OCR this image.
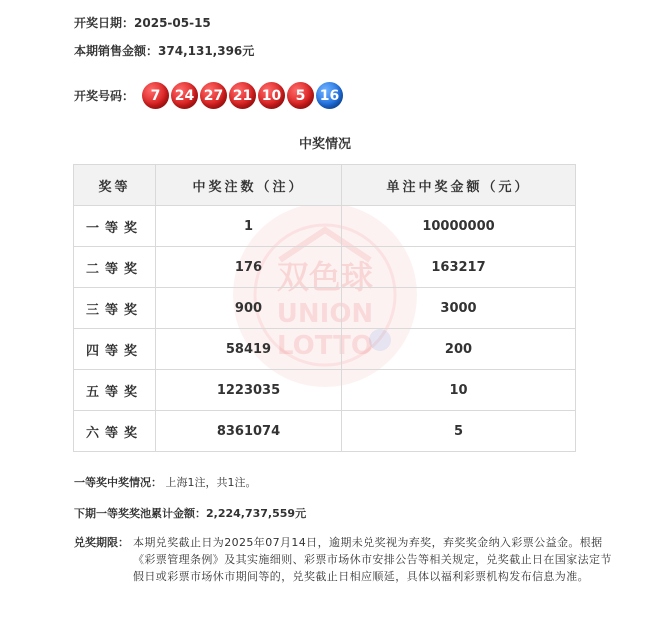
开奖日期：2025-05-15
本期销售金额：374,131,396元
开奖号码：	7	24 27 21 10	5	16
中奖情况
双色球
UNION
LOTTO
奖等	中奖注数（注）	单注中奖金额（元）
一等奖	1	10000000
二等奖	176	163217
三等奖	900	3000
四等奖	58419	200
五等奖	1223035	10
六等奖	8361074	5
一等奖中奖情况： 上海1注，共1注。
下期一等奖奖池累计金额：2,224,737,559元
兑奖期限： 本期兑奖截止日为2025年07月14日，逾期未兑奖视为弃奖，弃奖奖金纳入彩票公益金。根据《彩票管理条例》及其实施细则、彩票市场休市安排公告等相关规定，兑奖截止日在国家法定节假日或彩票市场休市期间等的，兑奖截止日相应顺延，具体以福利彩票机构发布信息为准。
